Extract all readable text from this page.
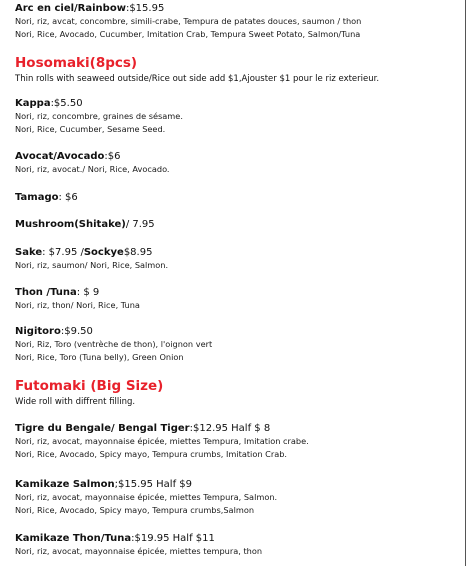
Arc en ciel/Rainbow:$15.95
Nori, riz, avcat, concombre, simili-crabe, Tempura de patates douces, saumon / thon
Nori, Rice, Avocado, Cucumber, Imitation Crab, Tempura Sweet Potato, Salmon/Tuna
Hosomaki(8pcs)
Thin rolls with seaweed outside/Rice out side add $1,Ajouster $1 pour le riz exterieur.
Kappa:$5.50
Nori, riz, concombre, graines de sésame.
Nori, Rice, Cucumber, Sesame Seed.
Avocat/Avocado:$6
Nori, riz, avocat./ Nori, Rice, Avocado.
Tamago: $6
Mushroom(Shitake)/ 7.95
Sake: $7.95 /Sockye$8.95
Nori, riz, saumon/ Nori, Rice, Salmon.
Thon /Tuna: $ 9
Nori, riz, thon/ Nori, Rice, Tuna
Nigitoro:$9.50
Nori, Riz, Toro (ventrèche de thon), l'oignon vert
Nori, Rice, Toro (Tuna belly), Green Onion
Futomaki (Big Size)
Wide roll with diffrent filling.
Tigre du Bengale/ Bengal Tiger:$12.95 Half $ 8
Nori, riz, avocat, mayonnaise épicée, miettes Tempura, Imitation crabe.
Nori, Rice, Avocado, Spicy mayo, Tempura crumbs, Imitation Crab.
Kamikaze Salmon;$15.95 Half $9
Nori, riz, avocat, mayonnaise épicée, miettes Tempura, Salmon.
Nori, Rice, Avocado, Spicy mayo, Tempura crumbs,Salmon
Kamikaze Thon/Tuna:$19.95 Half $11
Nori, riz, avocat, mayonnaise épicée, miettes tempura, thon
